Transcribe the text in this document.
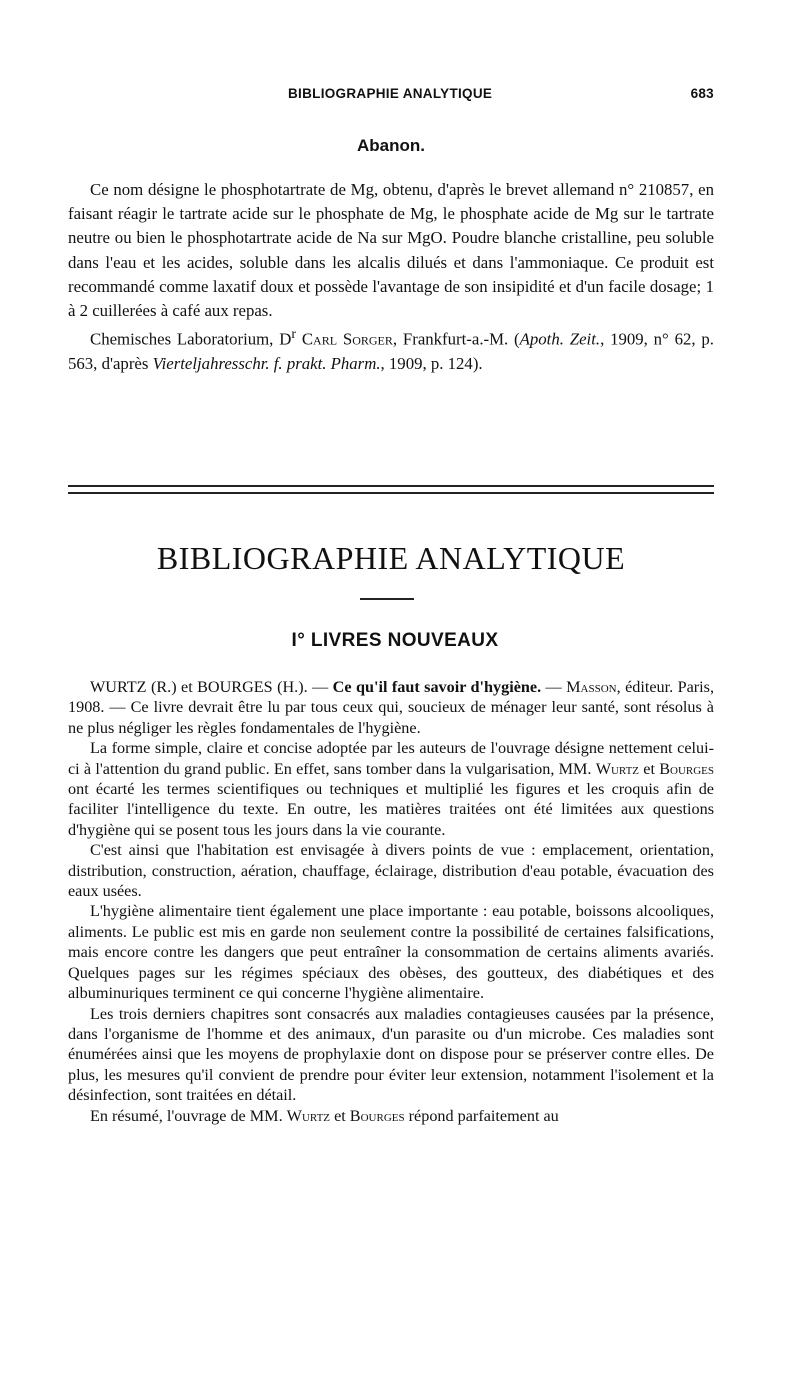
BIBLIOGRAPHIE ANALYTIQUE	683
Abanon.

Ce nom désigne le phosphotartrate de Mg, obtenu, d'après le brevet allemand n° 210857, en faisant réagir le tartrate acide sur le phosphate de Mg, le phosphate acide de Mg sur le tartrate neutre ou bien le phosphotartrate acide de Na sur MgO. Poudre blanche cristalline, peu soluble dans l'eau et les acides, soluble dans les alcalis dilués et dans l'ammoniaque. Ce produit est recommandé comme laxatif doux et possède l'avantage de son insipidité et d'un facile dosage; 1 à 2 cuillerées à café aux repas.

Chemisches Laboratorium, $D^r$ Carl Sorger, Frankfurt-a.-M. (Apoth. Zeit., 1909, n° 62, p. 563, d'après Vierteljahresschr. f. prakt. Pharm., 1909, p. 124).

BIBLIOGRAPHIE ANALYTIQUE
I° LIVRES NOUVEAUX

WURTZ (R.) et BOURGES (H.). — Ce qu'il faut savoir d'hygiène. — Masson, éditeur. Paris, 1908. — Ce livre devrait être lu par tous ceux qui, soucieux de ménager leur santé, sont résolus à ne plus négliger les règles fondamentales de l'hygiène.

La forme simple, claire et concise adoptée par les auteurs de l'ouvrage désigne nettement celui-ci à l'attention du grand public. En effet, sans tomber dans la vulgarisation, MM. Wurtz et Bourges ont écarté les termes scientifiques ou techniques et multiplié les figures et les croquis afin de faciliter l'intelligence du texte. En outre, les matières traitées ont été limitées aux questions d'hygiène qui se posent tous les jours dans la vie courante.

C'est ainsi que l'habitation est envisagée à divers points de vue : emplacement, orientation, distribution, construction, aération, chauffage, éclairage, distribution d'eau potable, évacuation des eaux usées.

L'hygiène alimentaire tient également une place importante : eau potable, boissons alcooliques, aliments. Le public est mis en garde non seulement contre la possibilité de certaines falsifications, mais encore contre les dangers que peut entraîner la consommation de certains aliments avariés. Quelques pages sur les régimes spéciaux des obèses, des goutteux, des diabétiques et des albuminuriques terminent ce qui concerne l'hygiène alimentaire.

Les trois derniers chapitres sont consacrés aux maladies contagieuses causées par la présence, dans l'organisme de l'homme et des animaux, d'un parasite ou d'un microbe. Ces maladies sont énumérées ainsi que les moyens de prophylaxie dont on dispose pour se préserver contre elles. De plus, les mesures qu'il convient de prendre pour éviter leur extension, notamment l'isolement et la désinfection, sont traitées en détail.

En résumé, l'ouvrage de MM. Wurtz et Bourges répond parfaitement au
